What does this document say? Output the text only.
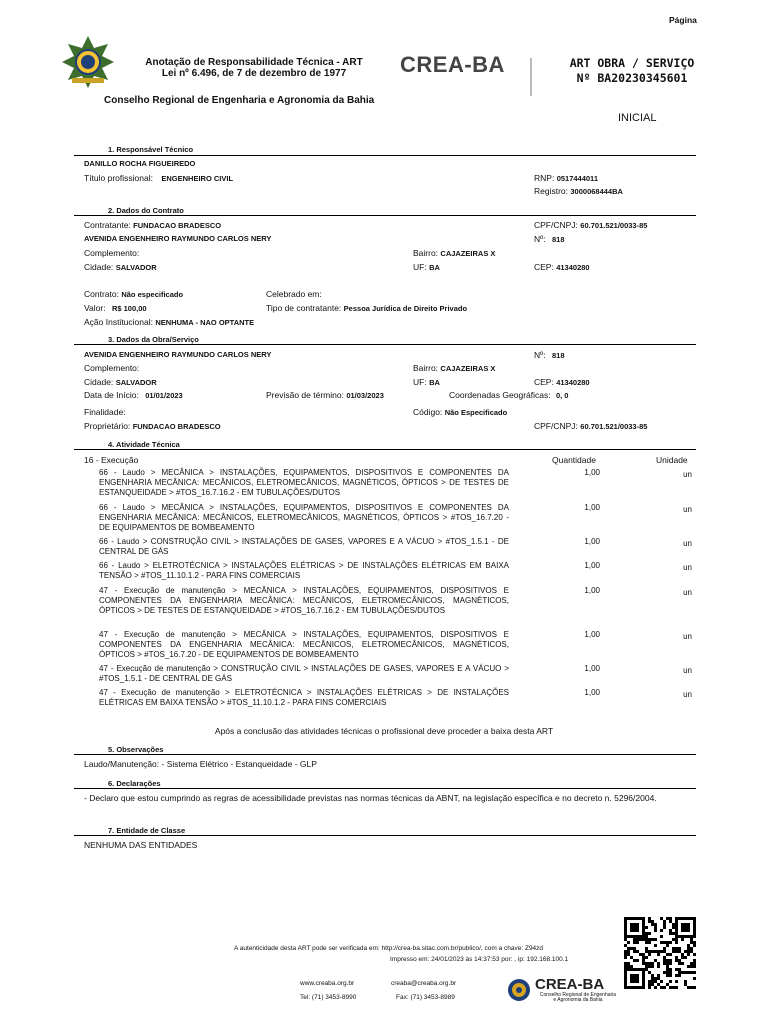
Página
Anotação de Responsabilidade Técnica - ART
Lei nº 6.496, de 7 de dezembro de 1977	CREA-BA	ART OBRA / SERVIÇO
Nº BA20230345601
Conselho Regional de Engenharia e Agronomia da Bahia
INICIAL
1. Responsável Técnico
DANILLO ROCHA FIGUEIREDO
Título profissional: ENGENHEIRO CIVIL	RNP: 0517444011
Registro: 3000068444BA
2. Dados do Contrato
Contratante: FUNDACAO BRADESCO	CPF/CNPJ: 60.701.521/0033-85
AVENIDA ENGENHEIRO RAYMUNDO CARLOS NERY	Nº: 818
Complemento:	Bairro: CAJAZEIRAS X
Cidade: SALVADOR	UF: BA	CEP: 41340280
Contrato: Não especificado	Celebrado em:
Valor: R$ 100,00	Tipo de contratante: Pessoa Jurídica de Direito Privado
Ação Institucional: NENHUMA - NAO OPTANTE
3. Dados da Obra/Serviço
AVENIDA ENGENHEIRO RAYMUNDO CARLOS NERY	Nº: 818
Complemento:	Bairro: CAJAZEIRAS X
Cidade: SALVADOR	UF: BA	CEP: 41340280
Data de Início: 01/01/2023	Previsão de término: 01/03/2023	Coordenadas Geográficas: 0, 0
Finalidade:	Código: Não Especificado
Proprietário: FUNDACAO BRADESCO	CPF/CNPJ: 60.701.521/0033-85
4. Atividade Técnica
16 - Execução	Quantidade	Unidade
66 - Laudo > MECÂNICA > INSTALAÇÕES, EQUIPAMENTOS, DISPOSITIVOS E COMPONENTES DA ENGENHARIA MECÂNICA: MECÂNICOS, ELETROMECÂNICOS, MAGNÉTICOS, ÓPTICOS > DE TESTES DE ESTANQUEIDADE > #TOS_16.7.16.2 - EM TUBULAÇÕES/DUTOS
1,00	un
66 - Laudo > MECÂNICA > INSTALAÇÕES, EQUIPAMENTOS, DISPOSITIVOS E COMPONENTES DA ENGENHARIA MECÂNICA: MECÂNICOS, ELETROMECÂNICOS, MAGNÉTICOS, ÓPTICOS > #TOS_16.7.20 - DE EQUIPAMENTOS DE BOMBEAMENTO
1,00	un
66 - Laudo > CONSTRUÇÃO CIVIL > INSTALAÇÕES DE GASES, VAPORES E A VÁCUO > #TOS_1.5.1 - DE CENTRAL DE GÁS
1,00	un
66 - Laudo > ELETROTÉCNICA > INSTALAÇÕES ELÉTRICAS > DE INSTALAÇÕES ELÉTRICAS EM BAIXA TENSÃO > #TOS_11.10.1.2 - PARA FINS COMERCIAIS
1,00	un
47 - Execução de manutenção > MECÂNICA > INSTALAÇÕES, EQUIPAMENTOS, DISPOSITIVOS E COMPONENTES DA ENGENHARIA MECÂNICA: MECÂNICOS, ELETROMECÂNICOS, MAGNÉTICOS, ÓPTICOS > DE TESTES DE ESTANQUEIDADE > #TOS_16.7.16.2 - EM TUBULAÇÕES/DUTOS
1,00	un
47 - Execução de manutenção > MECÂNICA > INSTALAÇÕES, EQUIPAMENTOS, DISPOSITIVOS E COMPONENTES DA ENGENHARIA MECÂNICA: MECÂNICOS, ELETROMECÂNICOS, MAGNÉTICOS, ÓPTICOS > #TOS_16.7.20 - DE EQUIPAMENTOS DE BOMBEAMENTO
1,00	un
47 - Execução de manutenção > CONSTRUÇÃO CIVIL > INSTALAÇÕES DE GASES, VAPORES E A VÁCUO > #TOS_1.5.1 - DE CENTRAL DE GÁS
1,00	un
47 - Execução de manutenção > ELETROTÉCNICA > INSTALAÇÕES ELÉTRICAS > DE INSTALAÇÕES ELÉTRICAS EM BAIXA TENSÃO > #TOS_11.10.1.2 - PARA FINS COMERCIAIS
1,00	un
Após a conclusão das atividades técnicas o profissional deve proceder a baixa desta ART
5. Observações
Laudo/Manutenção: - Sistema Elétrico - Estanqueidade - GLP
6. Declarações
- Declaro que estou cumprindo as regras de acessibilidade previstas nas normas técnicas da ABNT, na legislação específica e no decreto n. 5296/2004.
7. Entidade de Classe
NENHUMA DAS ENTIDADES
A autenticidade desta ART pode ser verificada em: http://crea-ba.sitac.com.br/publico/, com a chave: Z94zd
Impresso em: 24/01/2023 às 14:37:53 por: , ip: 192.168.100.1
www.creaba.org.br	creaba@creaba.org.br
Tel: (71) 3453-8990	Fax: (71) 3453-8989
CREA-BA
Conselho Regional de Engenharia
e Agronomia da Bahia
